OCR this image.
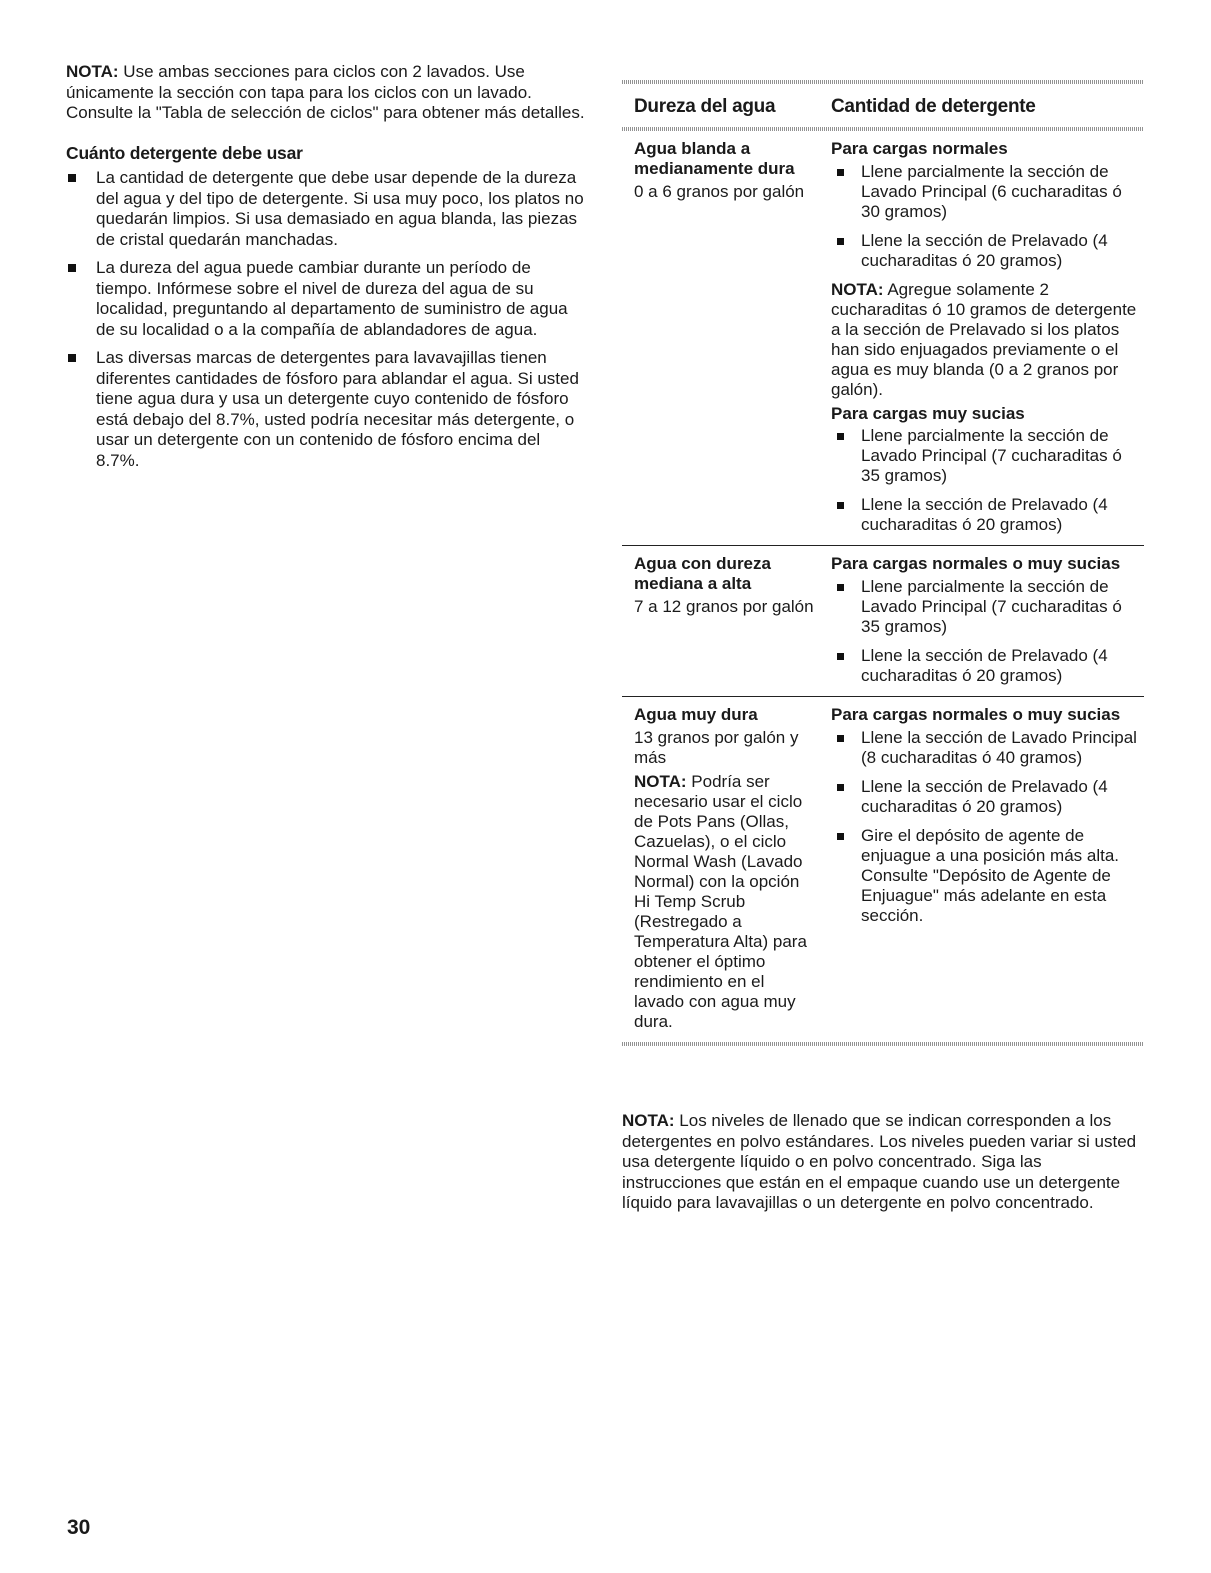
NOTA: Use ambas secciones para ciclos con 2 lavados. Use únicamente la sección con tapa para los ciclos con un lavado. Consulte la "Tabla de selección de ciclos" para obtener más detalles.

Cuánto detergente debe usar
La cantidad de detergente que debe usar depende de la dureza del agua y del tipo de detergente. Si usa muy poco, los platos no quedarán limpios. Si usa demasiado en agua blanda, las piezas de cristal quedarán manchadas.
La dureza del agua puede cambiar durante un período de tiempo. Infórmese sobre el nivel de dureza del agua de su localidad, preguntando al departamento de suministro de agua de su localidad o a la compañía de ablandadores de agua.
Las diversas marcas de detergentes para lavavajillas tienen diferentes cantidades de fósforo para ablandar el agua. Si usted tiene agua dura y usa un detergente cuyo contenido de fósforo está debajo del 8.7%, usted podría necesitar más detergente, o usar un detergente con un contenido de fósforo encima del 8.7%.
Dureza del agua	Cantidad de detergente
Agua blanda a medianamente dura

0 a 6 granos por galón

Para cargas normales
Llene parcialmente la sección de Lavado Principal (6 cucharaditas ó 30 gramos)
Llene la sección de Prelavado (4 cucharaditas ó 20 gramos)

NOTA: Agregue solamente 2 cucharaditas ó 10 gramos de detergente a la sección de Prelavado si los platos han sido enjuagados previamente o el agua es muy blanda (0 a 2 granos por galón).

Para cargas muy sucias
Llene parcialmente la sección de Lavado Principal (7 cucharaditas ó 35 gramos)
Llene la sección de Prelavado (4 cucharaditas ó 20 gramos)
Agua con dureza mediana a alta

7 a 12 granos por galón

Para cargas normales o muy sucias
Llene parcialmente la sección de Lavado Principal (7 cucharaditas ó 35 gramos)
Llene la sección de Prelavado (4 cucharaditas ó 20 gramos)
Agua muy dura

13 granos por galón y más

NOTA: Podría ser necesario usar el ciclo de Pots Pans (Ollas, Cazuelas), o el ciclo Normal Wash (Lavado Normal) con la opción Hi Temp Scrub (Restregado a Temperatura Alta) para obtener el óptimo rendimiento en el lavado con agua muy dura.

Para cargas normales o muy sucias
Llene la sección de Lavado Principal (8 cucharaditas ó 40 gramos)
Llene la sección de Prelavado (4 cucharaditas ó 20 gramos)
Gire el depósito de agente de enjuague a una posición más alta. Consulte "Depósito de Agente de Enjuague" más adelante en esta sección.

NOTA: Los niveles de llenado que se indican corresponden a los detergentes en polvo estándares. Los niveles pueden variar si usted usa detergente líquido o en polvo concentrado. Siga las instrucciones que están en el empaque cuando use un detergente líquido para lavavajillas o un detergente en polvo concentrado.

30
